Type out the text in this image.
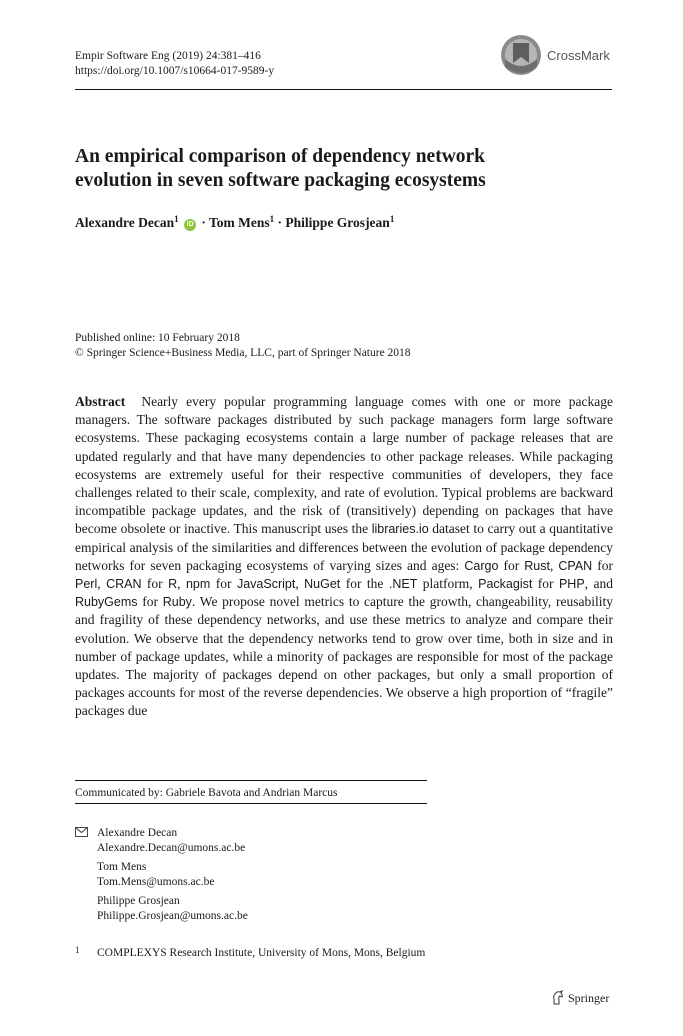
Empir Software Eng (2019) 24:381–416
https://doi.org/10.1007/s10664-017-9589-y
CrossMark
An empirical comparison of dependency network
evolution in seven software packaging ecosystems
Alexandre Decan$^1$ iD · Tom Mens$^1$ · Philippe Grosjean$^1$
Published online: 10 February 2018
© Springer Science+Business Media, LLC, part of Springer Nature 2018
Abstract Nearly every popular programming language comes with one or more package managers. The software packages distributed by such package managers form large software ecosystems. These packaging ecosystems contain a large number of package releases that are updated regularly and that have many dependencies to other package releases. While packaging ecosystems are extremely useful for their respective communities of developers, they face challenges related to their scale, complexity, and rate of evolution. Typical problems are backward incompatible package updates, and the risk of (transitively) depending on packages that have become obsolete or inactive. This manuscript uses the libraries.io dataset to carry out a quantitative empirical analysis of the similarities and differences between the evolution of package dependency networks for seven packaging ecosystems of varying sizes and ages: Cargo for Rust, CPAN for Perl, CRAN for R, npm for JavaScript, NuGet for the .NET platform, Packagist for PHP, and RubyGems for Ruby. We propose novel metrics to capture the growth, changeability, reusability and fragility of these dependency networks, and use these metrics to analyze and compare their evolution. We observe that the dependency networks tend to grow over time, both in size and in number of package updates, while a minority of packages are responsible for most of the package updates. The majority of packages depend on other packages, but only a small proportion of packages accounts for most of the reverse dependencies. We observe a high proportion of “fragile” packages due
Communicated by: Gabriele Bavota and Andrian Marcus
Alexandre Decan
Alexandre.Decan@umons.ac.be
Tom Mens
Tom.Mens@umons.ac.be
Philippe Grosjean
Philippe.Grosjean@umons.ac.be
1 COMPLEXYS Research Institute, University of Mons, Mons, Belgium
Springer
